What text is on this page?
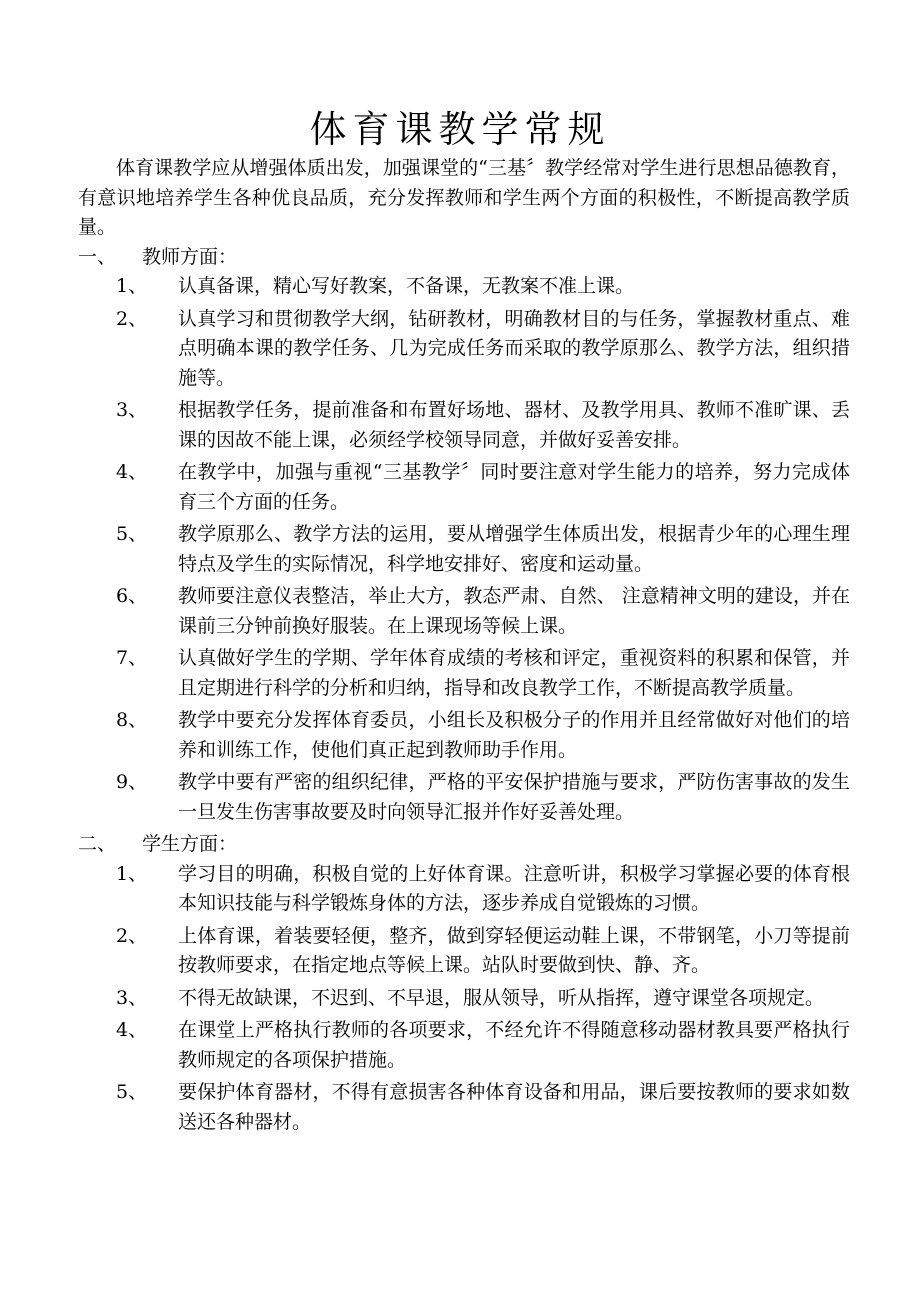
体育课教学常规

体育课教学应从增强体质出发，加强课堂的“三基〞教学经常对学生进行思想品德教育，有意识地培养学生各种优良品质，充分发挥教师和学生两个方面的积极性，不断提高教学质量。

一、	教师方面：
1、	认真备课，精心写好教案，不备课，无教案不准上课。
2、	认真学习和贯彻教学大纲，钻研教材，明确教材目的与任务，掌握教材重点、难点明确本课的教学任务、几为完成任务而采取的教学原那么、教学方法，组织措施等。
3、	根据教学任务，提前准备和布置好场地、器材、及教学用具、教师不准旷课、丢课的因故不能上课，必须经学校领导同意，并做好妥善安排。
4、	在教学中，加强与重视“三基教学〞同时要注意对学生能力的培养，努力完成体育三个方面的任务。
5、	教学原那么、教学方法的运用，要从增强学生体质出发，根据青少年的心理生理特点及学生的实际情况，科学地安排好、密度和运动量。
6、	教师要注意仪表整洁，举止大方，教态严肃、自然、 注意精神文明的建设，并在课前三分钟前换好服装。在上课现场等候上课。
7、	认真做好学生的学期、学年体育成绩的考核和评定，重视资料的积累和保管，并且定期进行科学的分析和归纳，指导和改良教学工作，不断提高教学质量。
8、	教学中要充分发挥体育委员，小组长及积极分子的作用并且经常做好对他们的培养和训练工作，使他们真正起到教师助手作用。
9、	教学中要有严密的组织纪律，严格的平安保护措施与要求，严防伤害事故的发生一旦发生伤害事故要及时向领导汇报并作好妥善处理。
二、	学生方面：
1、	学习目的明确，积极自觉的上好体育课。注意听讲，积极学习掌握必要的体育根本知识技能与科学锻炼身体的方法，逐步养成自觉锻炼的习惯。
2、	上体育课，着装要轻便，整齐，做到穿轻便运动鞋上课，不带钢笔，小刀等提前按教师要求，在指定地点等候上课。站队时要做到快、静、齐。
3、	不得无故缺课，不迟到、不早退，服从领导，听从指挥，遵守课堂各项规定。
4、	在课堂上严格执行教师的各项要求，不经允许不得随意移动器材教具要严格执行教师规定的各项保护措施。
5、	要保护体育器材，不得有意损害各种体育设备和用品，课后要按教师的要求如数送还各种器材。
